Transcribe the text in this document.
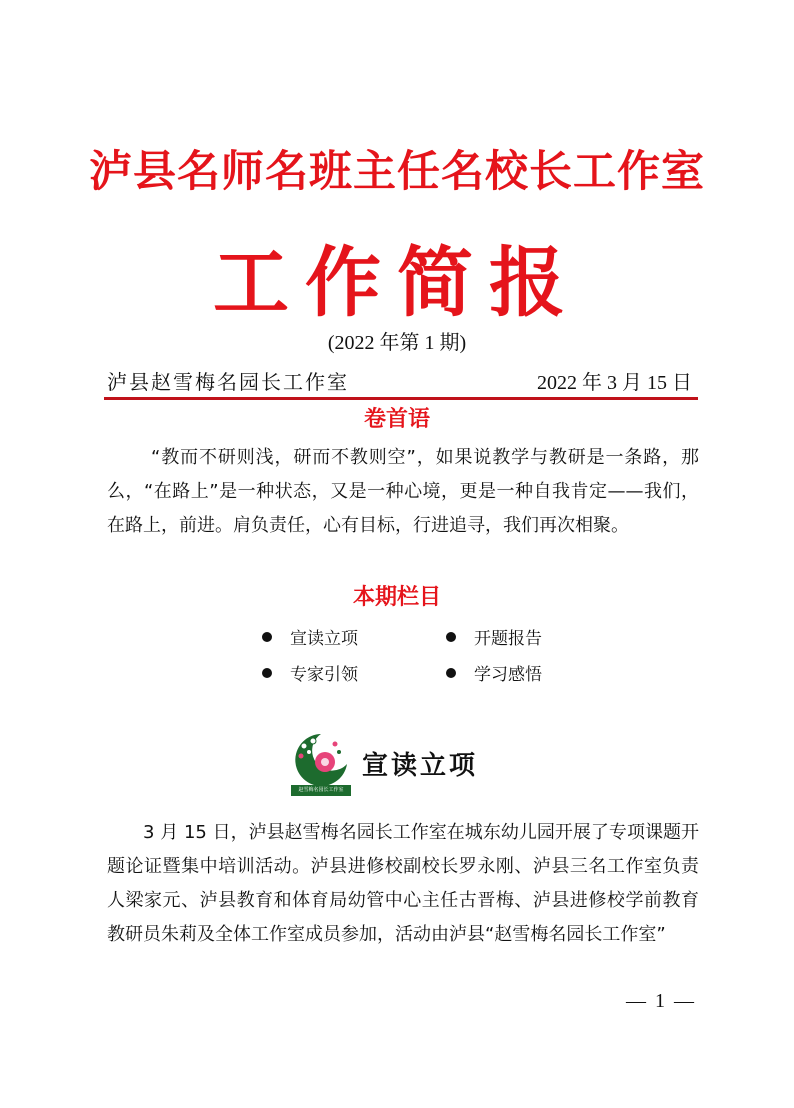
泸县名师名班主任名校长工作室
工作简报
(2022 年第 1 期)
泸县赵雪梅名园长工作室	2022 年 3 月 15 日
卷首语
“教而不研则浅，研而不教则空”，如果说教学与教研是一条路，那么，“在路上”是一种状态，又是一种心境，更是一种自我肯定——我们，在路上，前进。肩负责任，心有目标，行进追寻，我们再次相聚。
本期栏目
宣读立项	开题报告
专家引领	学习感悟
赵雪梅名园长工作室
宣读立项
3 月 15 日，泸县赵雪梅名园长工作室在城东幼儿园开展了专项课题开题论证暨集中培训活动。泸县进修校副校长罗永刚、泸县三名工作室负责人梁家元、泸县教育和体育局幼管中心主任古晋梅、泸县进修校学前教育教研员朱莉及全体工作室成员参加，活动由泸县“赵雪梅名园长工作室”
— 1 —
